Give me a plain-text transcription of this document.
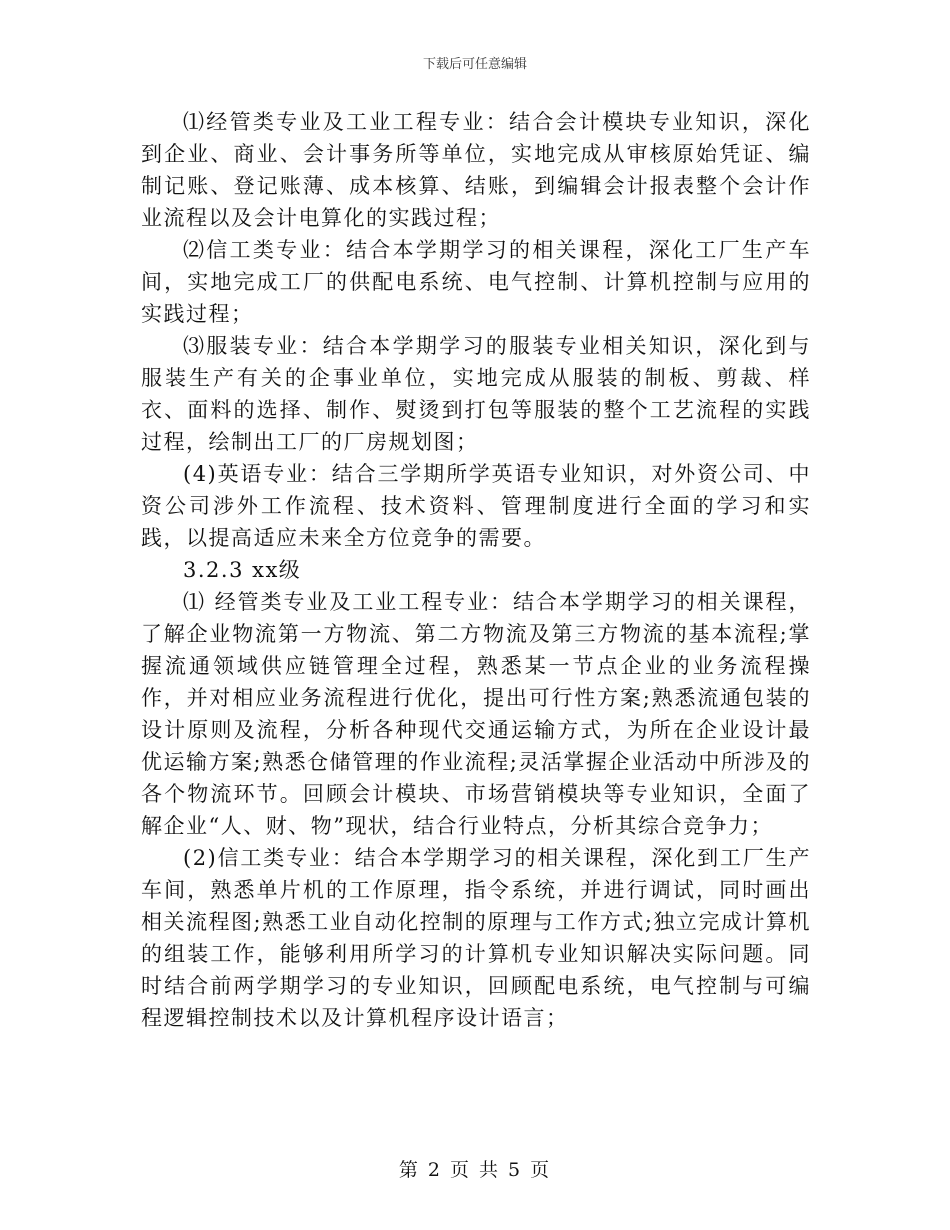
下载后可任意编辑

⑴经管类专业及工业工程专业：结合会计模块专业知识，深化到企业、商业、会计事务所等单位，实地完成从审核原始凭证、编制记账、登记账薄、成本核算、结账，到编辑会计报表整个会计作业流程以及会计电算化的实践过程；

⑵信工类专业：结合本学期学习的相关课程，深化工厂生产车间，实地完成工厂的供配电系统、电气控制、计算机控制与应用的实践过程；

⑶服装专业：结合本学期学习的服装专业相关知识，深化到与服装生产有关的企事业单位，实地完成从服装的制板、剪裁、样衣、面料的选择、制作、熨烫到打包等服装的整个工艺流程的实践过程，绘制出工厂的厂房规划图；

(4)英语专业：结合三学期所学英语专业知识，对外资公司、中资公司涉外工作流程、技术资料、管理制度进行全面的学习和实践，以提高适应未来全方位竞争的需要。

3.2.3 xx级

⑴ 经管类专业及工业工程专业：结合本学期学习的相关课程，了解企业物流第一方物流、第二方物流及第三方物流的基本流程;掌握流通领域供应链管理全过程，熟悉某一节点企业的业务流程操作，并对相应业务流程进行优化，提出可行性方案;熟悉流通包装的设计原则及流程，分析各种现代交通运输方式，为所在企业设计最优运输方案;熟悉仓储管理的作业流程;灵活掌握企业活动中所涉及的各个物流环节。回顾会计模块、市场营销模块等专业知识，全面了解企业“人、财、物”现状，结合行业特点，分析其综合竞争力；

(2)信工类专业：结合本学期学习的相关课程，深化到工厂生产车间，熟悉单片机的工作原理，指令系统，并进行调试，同时画出相关流程图;熟悉工业自动化控制的原理与工作方式;独立完成计算机的组装工作，能够利用所学习的计算机专业知识解决实际问题。同时结合前两学期学习的专业知识，回顾配电系统，电气控制与可编程逻辑控制技术以及计算机程序设计语言；

第 2 页 共 5 页
